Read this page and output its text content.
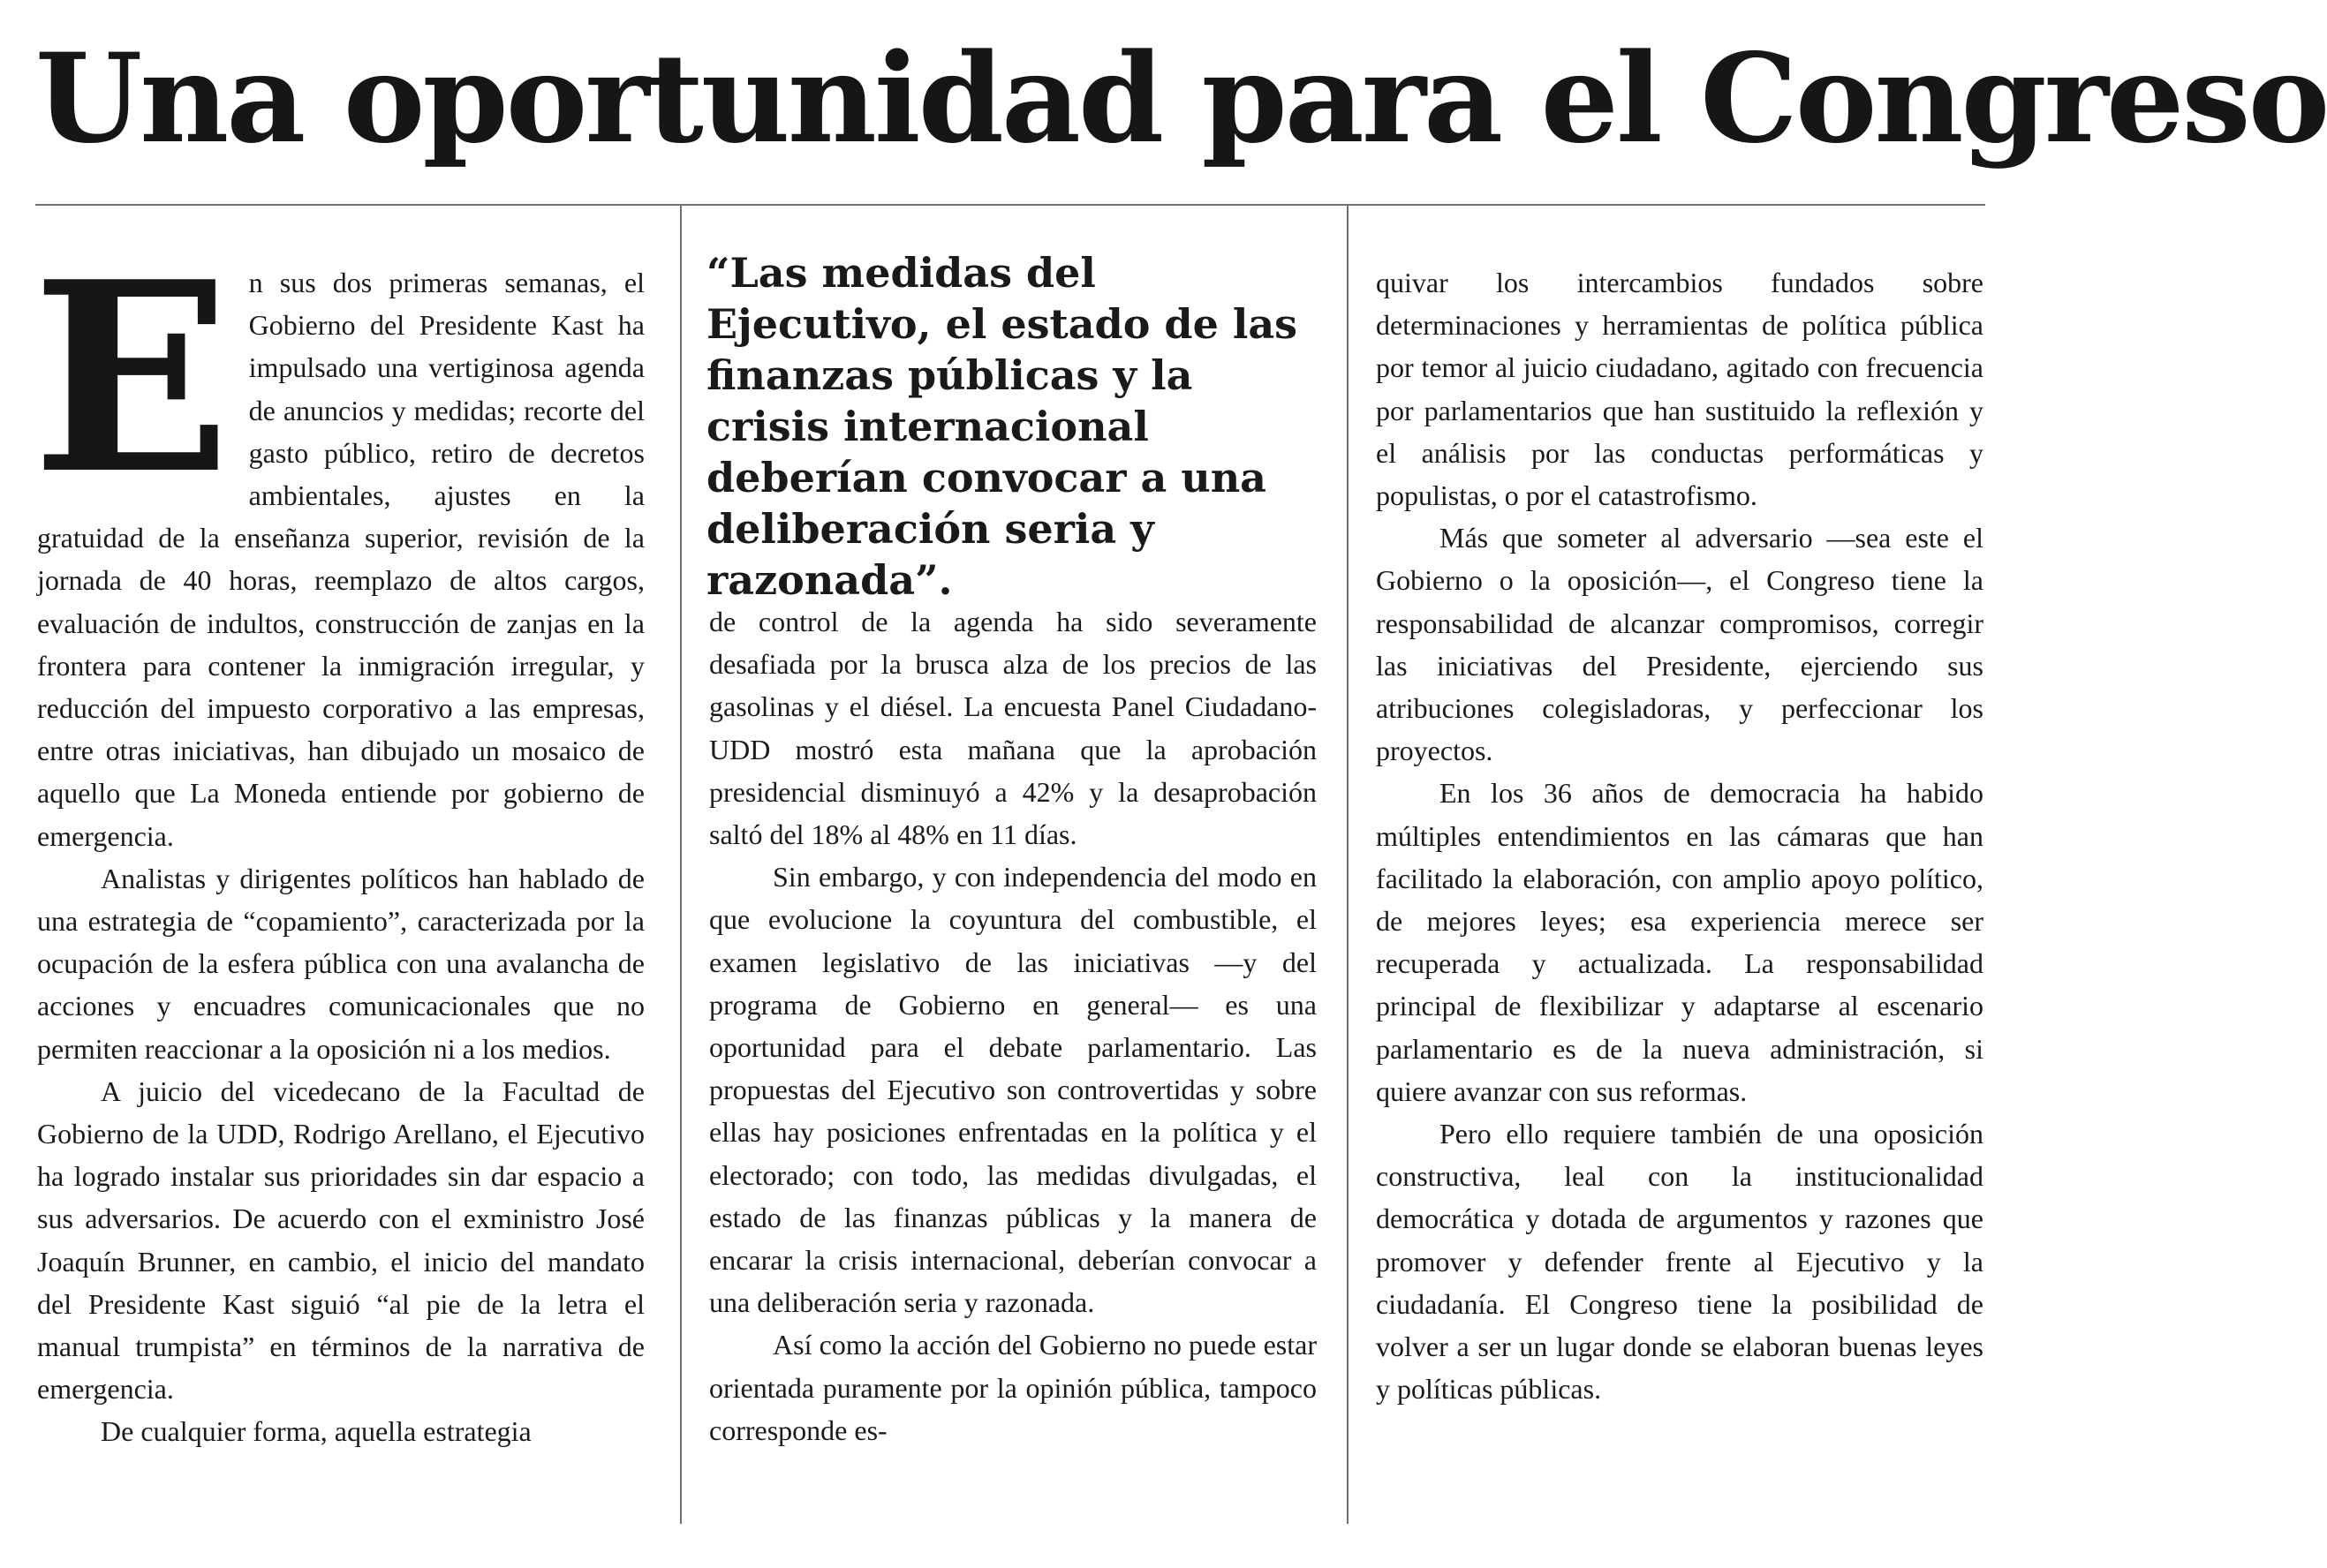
Una oportunidad para el Congreso
E n sus dos primeras semanas, el Gobierno del Presidente Kast ha impulsado una vertiginosa agenda de anuncios y medidas; recorte del gasto público, retiro de decretos ambientales, ajustes en la gratuidad de la enseñanza superior, revisión de la jornada de 40 horas, reemplazo de altos cargos, evaluación de indultos, construcción de zanjas en la frontera para contener la inmigración irregular, y reducción del impuesto corporativo a las empresas, entre otras iniciativas, han dibujado un mosaico de aquello que La Moneda entiende por gobierno de emergencia.

Analistas y dirigentes políticos han hablado de una estrategia de “copamiento”, caracterizada por la ocupación de la esfera pública con una avalancha de acciones y encuadres comunicacionales que no permiten reaccionar a la oposición ni a los medios.

A juicio del vicedecano de la Facultad de Gobierno de la UDD, Rodrigo Arellano, el Ejecutivo ha logrado instalar sus prioridades sin dar espacio a sus adversarios. De acuerdo con el exministro José Joaquín Brunner, en cambio, el inicio del mandato del Presidente Kast siguió “al pie de la letra el manual trumpista” en términos de la narrativa de emergencia.

De cualquier forma, aquella estrategia

“Las medidas del Ejecutivo, el estado de las finanzas públicas y la crisis internacional deberían convocar a una deliberación seria y razonada”.

de control de la agenda ha sido severamente desafiada por la brusca alza de los precios de las gasolinas y el diésel. La encuesta Panel Ciudadano-UDD mostró esta mañana que la aprobación presidencial disminuyó a 42% y la desaprobación saltó del 18% al 48% en 11 días.

Sin embargo, y con independencia del modo en que evolucione la coyuntura del combustible, el examen legislativo de las iniciativas —y del programa de Gobierno en general— es una oportunidad para el debate parlamentario. Las propuestas del Ejecutivo son controvertidas y sobre ellas hay posiciones enfrentadas en la política y el electorado; con todo, las medidas divulgadas, el estado de las finanzas públicas y la manera de encarar la crisis internacional, deberían convocar a una deliberación seria y razonada.

Así como la acción del Gobierno no puede estar orientada puramente por la opinión pública, tampoco corresponde es-

quivar los intercambios fundados sobre determinaciones y herramientas de política pública por temor al juicio ciudadano, agitado con frecuencia por parlamentarios que han sustituido la reflexión y el análisis por las conductas performáticas y populistas, o por el catastrofismo.

Más que someter al adversario —sea este el Gobierno o la oposición—, el Congreso tiene la responsabilidad de alcanzar compromisos, corregir las iniciativas del Presidente, ejerciendo sus atribuciones colegisladoras, y perfeccionar los proyectos.

En los 36 años de democracia ha habido múltiples entendimientos en las cámaras que han facilitado la elaboración, con amplio apoyo político, de mejores leyes; esa experiencia merece ser recuperada y actualizada. La responsabilidad principal de flexibilizar y adaptarse al escenario parlamentario es de la nueva administración, si quiere avanzar con sus reformas.

Pero ello requiere también de una oposición constructiva, leal con la institucionalidad democrática y dotada de argumentos y razones que promover y defender frente al Ejecutivo y la ciudadanía. El Congreso tiene la posibilidad de volver a ser un lugar donde se elaboran buenas leyes y políticas públicas.
